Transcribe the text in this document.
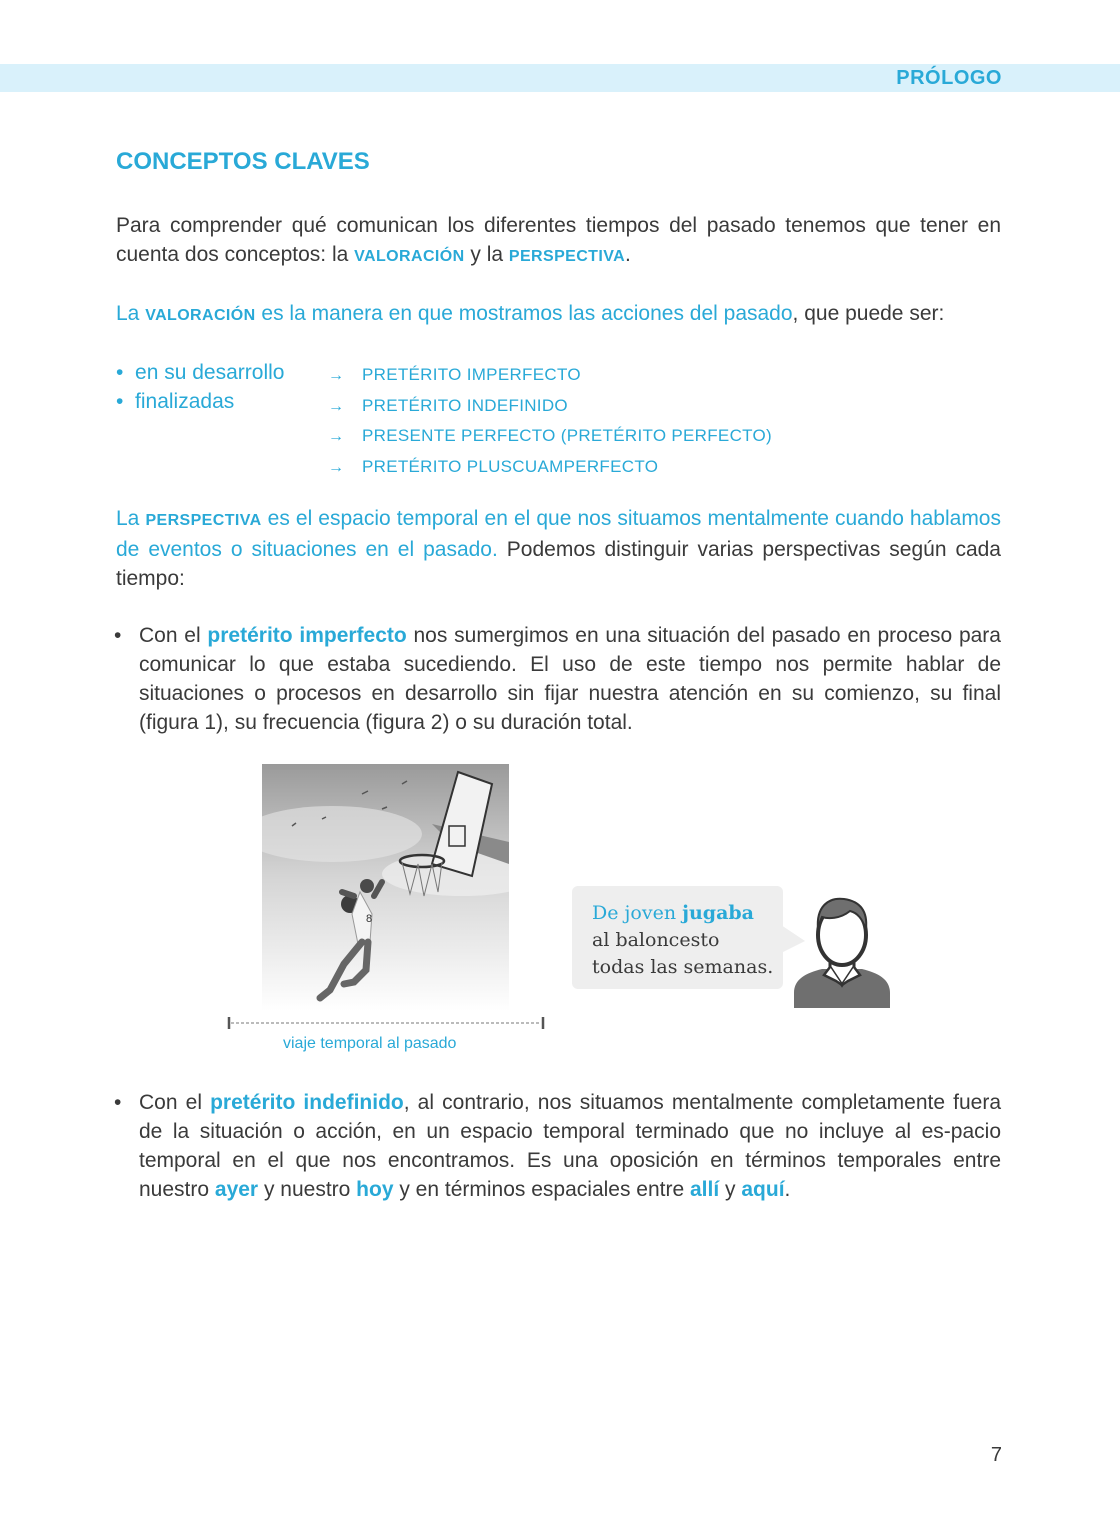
PRÓLOGO
CONCEPTOS CLAVES

Para comprender qué comunican los diferentes tiempos del pasado tenemos que tener en cuenta dos conceptos: la VALORACIÓN y la PERSPECTIVA.

La VALORACIÓN es la manera en que mostramos las acciones del pasado, que puede ser:

• en su desarrollo
• finalizadas
→ PRETÉRITO IMPERFECTO
→ PRETÉRITO INDEFINIDO
→ PRESENTE PERFECTO (PRETÉRITO PERFECTO)
→ PRETÉRITO PLUSCUAMPERFECTO

La PERSPECTIVA es el espacio temporal en el que nos situamos mentalmente cuando hablamos de eventos o situaciones en el pasado. Podemos distinguir varias perspectivas según cada tiempo:

• Con el pretérito imperfecto nos sumergimos en una situación del pasado en proceso para comunicar lo que estaba sucediendo. El uso de este tiempo nos permite hablar de situaciones o procesos en desarrollo sin fijar nuestra atención en su comienzo, su final (figura 1), su frecuencia (figura 2) o su duración total.

8
viaje temporal al pasado
De joven jugaba al baloncesto todas las semanas.

• Con el pretérito indefinido, al contrario, nos situamos mentalmente completamente fuera de la situación o acción, en un espacio temporal terminado que no incluye al es-pacio temporal en el que nos encontramos. Es una oposición en términos temporales entre nuestro ayer y nuestro hoy y en términos espaciales entre allí y aquí.

7
